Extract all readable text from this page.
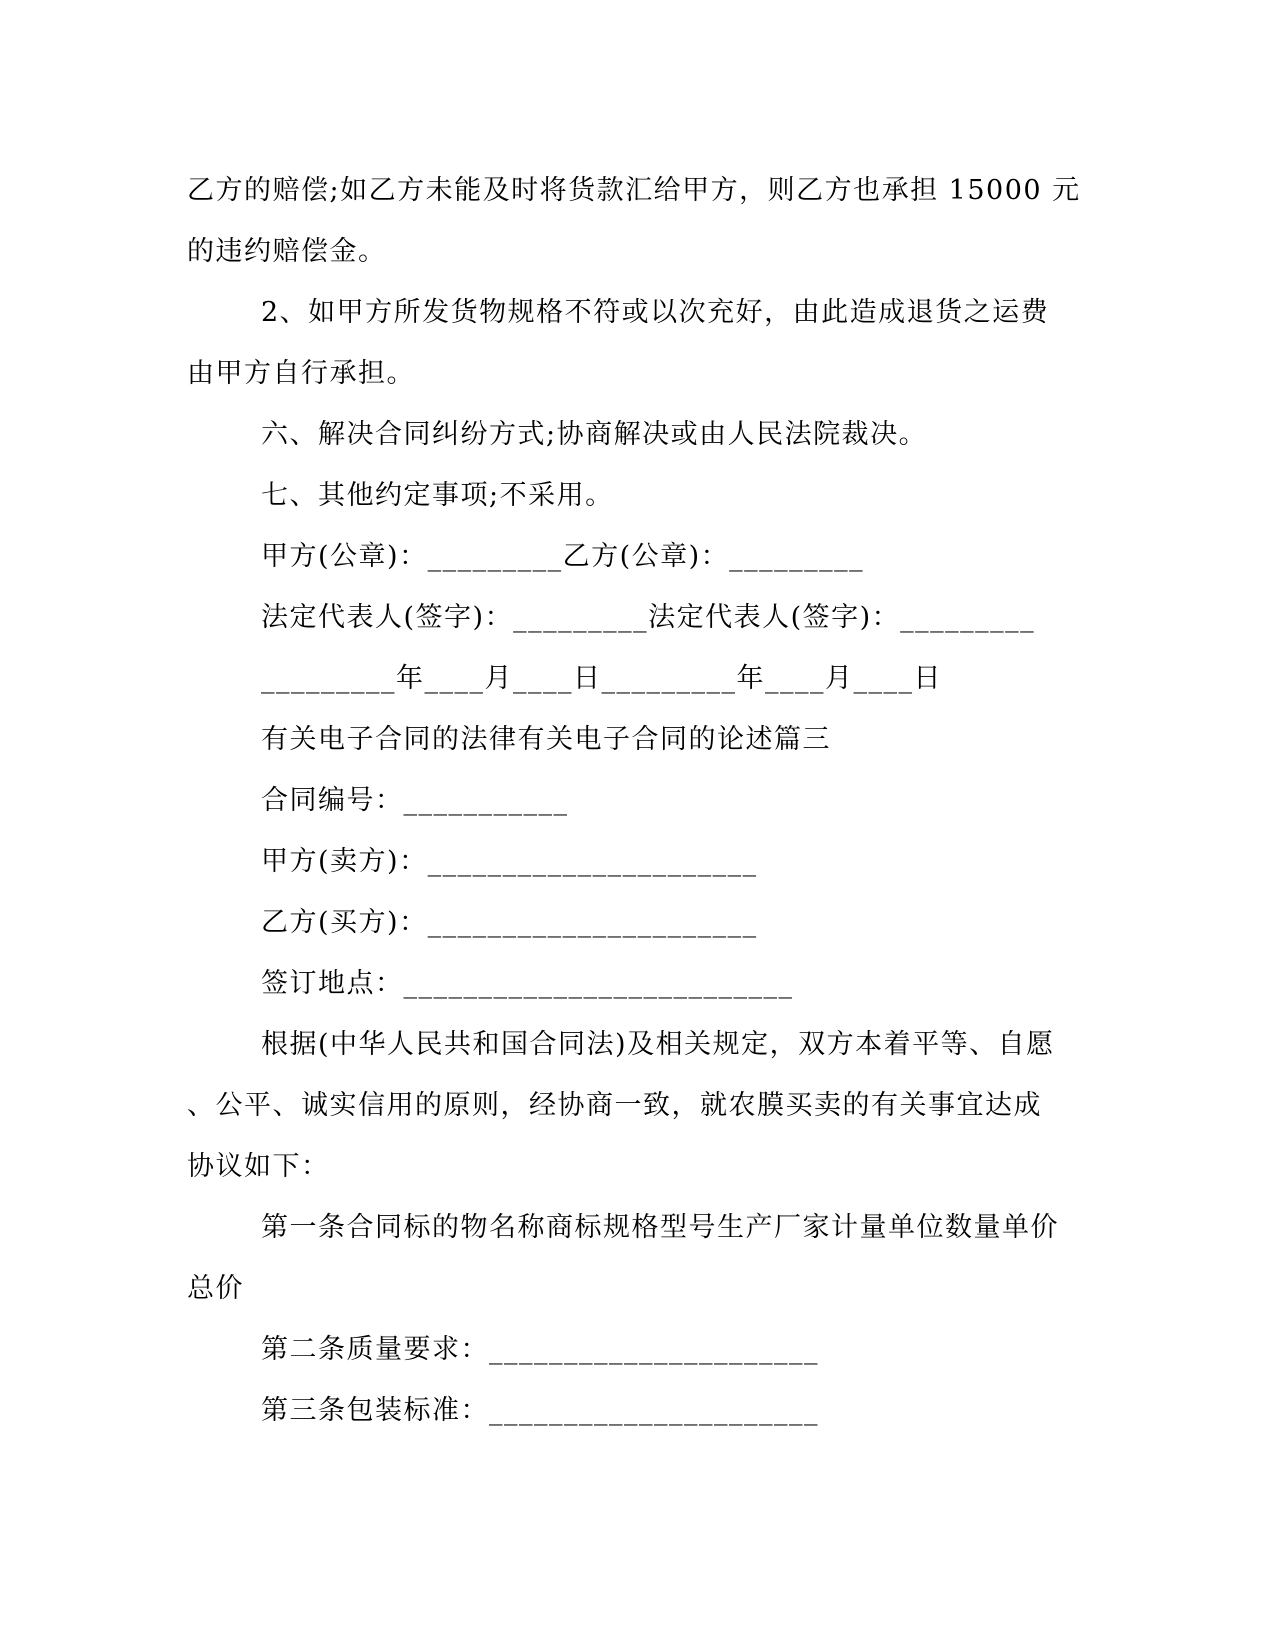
乙方的赔偿;如乙方未能及时将货款汇给甲方，则乙方也承担 15000 元
的违约赔偿金。
2、如甲方所发货物规格不符或以次充好，由此造成退货之运费
由甲方自行承担。
六、解决合同纠纷方式;协商解决或由人民法院裁决。
七、其他约定事项;不采用。
甲方(公章)：_________乙方(公章)：_________
法定代表人(签字)：_________法定代表人(签字)：_________
_________年____月____日_________年____月____日
有关电子合同的法律有关电子合同的论述篇三
合同编号：___________
甲方(卖方)：______________________
乙方(买方)：______________________
签订地点：__________________________
根据(中华人民共和国合同法)及相关规定，双方本着平等、自愿
、公平、诚实信用的原则，经协商一致，就农膜买卖的有关事宜达成
协议如下：
第一条合同标的物名称商标规格型号生产厂家计量单位数量单价
总价
第二条质量要求：______________________
第三条包装标准：______________________
